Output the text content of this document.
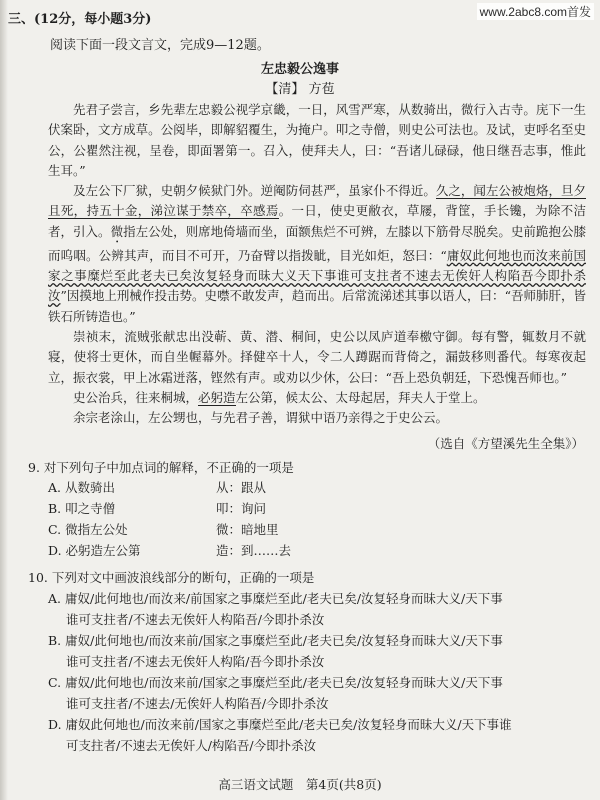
www.2abc8.com首发
三、(12分，每小题3分)
阅读下面一段文言文，完成9—12题。
左忠毅公逸事
【清】 方苞

先君子尝言，乡先辈左忠毅公视学京畿，一日，风雪严寒，从数骑出，微行入古寺。庑下一生伏案卧，文方成草。公阅毕，即解貂覆生，为掩户。叩之寺僧，则史公可法也。及试，吏呼名至史公，公瞿然注视，呈卷，即面署第一。召入，使拜夫人，曰：“吾诸儿碌碌，他日继吾志事，惟此生耳。”

及左公下厂狱，史朝夕候狱门外。逆阉防伺甚严，虽家仆不得近。久之，闻左公被炮烙，旦夕且死，持五十金，涕泣谋于禁卒，卒感焉。一日，使史更敝衣，草屦，背筐，手长镵，为除不洁者，引入。微指左公处，则席地倚墙而坐，面额焦烂不可辨，左膝以下筋骨尽脱矣。史前跪抱公膝而呜咽。公辨其声，而目不可开，乃奋臂以指拨眦，目光如炬，怒曰：“庸奴此何地也而汝来前国家之事糜烂至此老夫已矣汝复轻身而昧大义天下事谁可支拄者不速去无俟奸人构陷吾今即扑杀汝”因摸地上刑械作投击势。史噤不敢发声，趋而出。后常流涕述其事以语人，曰：“吾师肺肝，皆铁石所铸造也。”

崇祯末，流贼张献忠出没蕲、黄、潜、桐间，史公以凤庐道奉檄守御。每有警，辄数月不就寝，使将士更休，而自坐幄幕外。择健卒十人，令二人蹲踞而背倚之，漏鼓移则番代。每寒夜起立，振衣裳，甲上冰霜迸落，铿然有声。或劝以少休，公曰：“吾上恐负朝廷，下恐愧吾师也。”

史公治兵，往来桐城，必躬造左公第，候太公、太母起居，拜夫人于堂上。

余宗老涂山，左公甥也，与先君子善，谓狱中语乃亲得之于史公云。

（选自《方望溪先生全集》）
9. 对下列句子中加点词的解释，不正确的一项是
A. 从数骑出	从：跟从
B. 叩之寺僧	叩：询问
C. 微指左公处	微：暗地里
D. 必躬造左公第	造：到……去
10. 下列对文中画波浪线部分的断句，正确的一项是
A. 庸奴/此何地也/而汝来/前国家之事糜烂至此/老夫已矣/汝复轻身而昧大义/天下事
谁可支拄者/不速去无俟奸人构陷吾/今即扑杀汝
B. 庸奴/此何地也/而汝来前/国家之事糜烂至此/老夫已矣/汝复轻身而昧大义/天下事
谁可支拄者/不速去无俟奸人构陷/吾今即扑杀汝
C. 庸奴/此何地也/而汝来前/国家之事糜烂至此/老夫已矣/汝复轻身而昧大义/天下事
谁可支拄者/不速去/无俟奸人构陷吾/今即扑杀汝
D. 庸奴此何地也/而汝来前/国家之事糜烂至此/老夫已矣/汝复轻身而昧大义/天下事谁
可支拄者/不速去无俟奸人/构陷吾/今即扑杀汝
高三语文试题　第4页(共8页)
